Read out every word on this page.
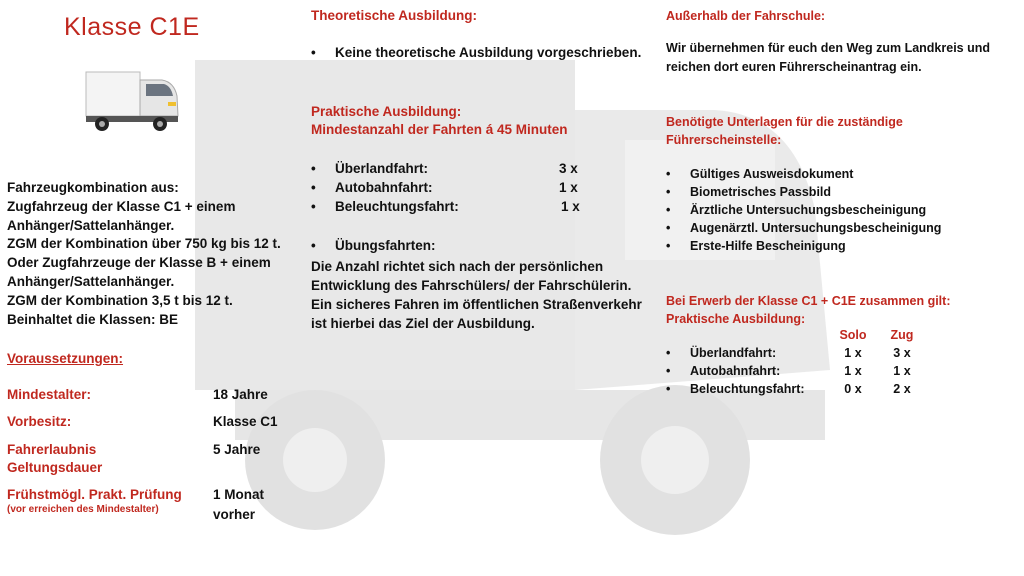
Klasse C1E
Fahrzeugkombination aus:
Zugfahrzeug der Klasse C1 + einem
Anhänger/Sattelanhänger.
ZGM der Kombination über 750 kg bis 12 t.
Oder Zugfahrzeuge der Klasse B + einem
Anhänger/Sattelanhänger.
ZGM der Kombination 3,5 t bis 12 t.
Beinhaltet die Klassen: BE
Voraussetzungen:
Mindestalter:	18 Jahre
Vorbesitz:	Klasse C1
Fahrerlaubnis
Geltungsdauer
5 Jahre
Frühstmögl. Prakt. Prüfung 1 Monat
vorher
(vor erreichen des Mindestalter)
Theoretische Ausbildung:
•	Keine theoretische Ausbildung vorgeschrieben.
Praktische Ausbildung:
Mindestanzahl der Fahrten á 45 Minuten
•	Überlandfahrt:	3 x
•	Autobahnfahrt:	1 x
•	Beleuchtungsfahrt:	1 x
•	Übungsfahrten:
Die Anzahl richtet sich nach der persönlichen Entwicklung des Fahrschülers/ der Fahrschülerin. Ein sicheres Fahren im öffentlichen Straßenverkehr ist hierbei das Ziel der Ausbildung.
Außerhalb der Fahrschule:
Wir übernehmen für euch den Weg zum Landkreis und reichen dort euren Führerscheinantrag ein.
Benötigte Unterlagen für die zuständige
Führerscheinstelle:
•	Gültiges Ausweisdokument
•	Biometrisches Passbild
•	Ärztliche Untersuchungsbescheinigung
•	Augenärztl. Untersuchungsbescheinigung
•	Erste-Hilfe Bescheinigung
Bei Erwerb der Klasse C1 + C1E zusammen gilt:
Praktische Ausbildung:
Solo Zug
• Überlandfahrt:	1 x	3 x
• Autobahnfahrt:	1 x	1 x
• Beleuchtungsfahrt:	0 x	2 x
